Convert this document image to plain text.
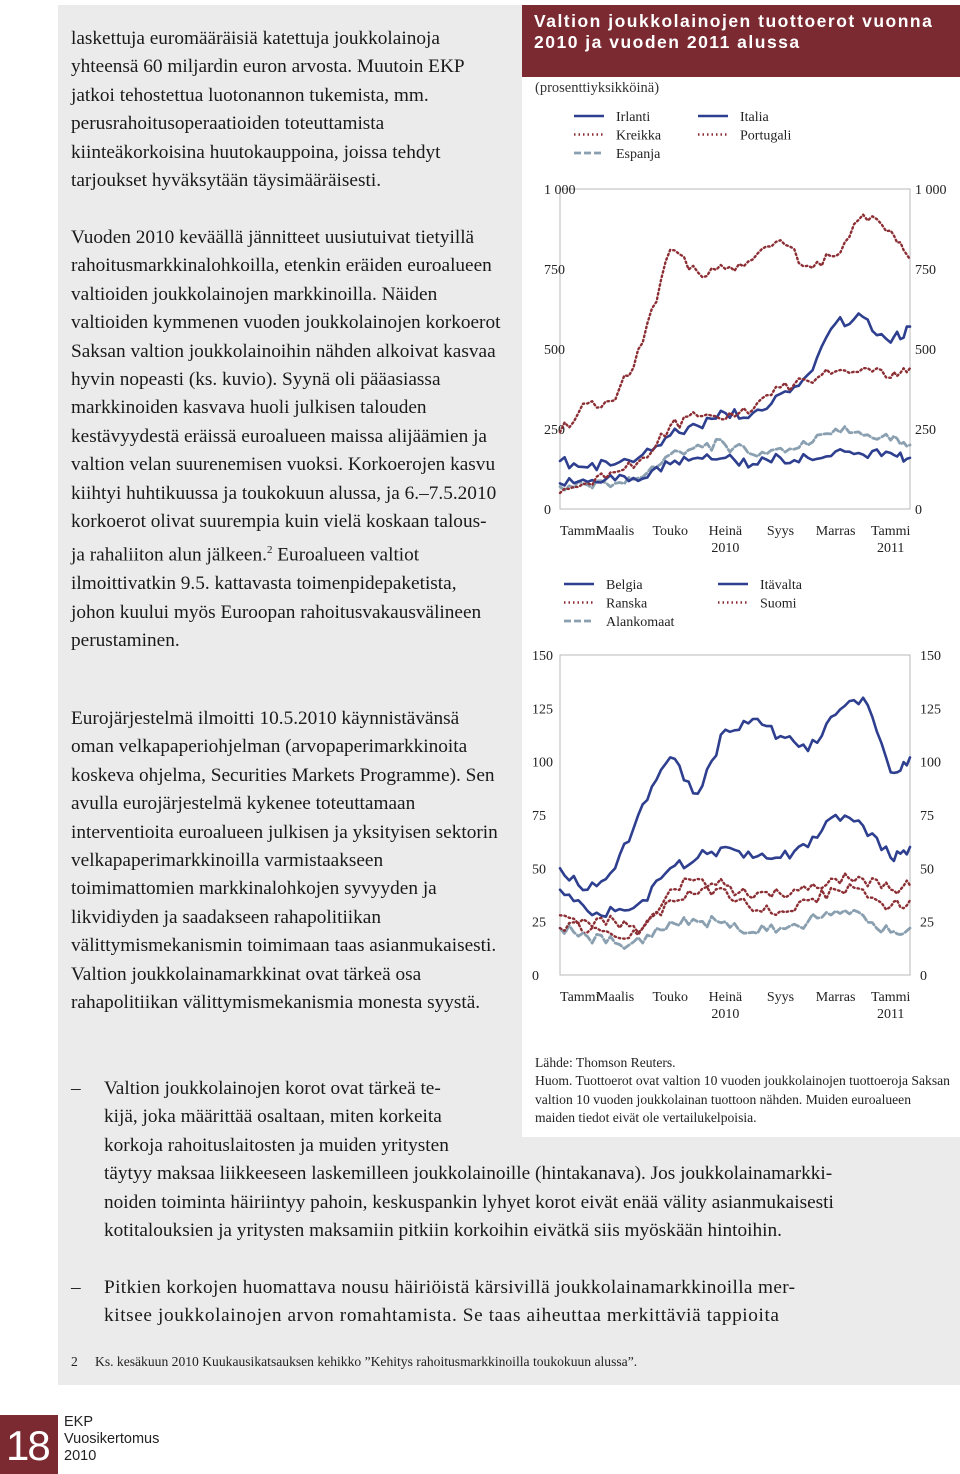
laskettuja euromääräisiä katettuja joukkolainoja yhteensä 60 miljardin euron arvosta. Muutoin EKP jatkoi tehostettua luotonannon tukemista, mm. perusrahoitusoperaatioiden toteuttamista kiinteäkorkoisina huutokauppoina, joissa tehdyt tarjoukset hyväksytään täysimääräisesti.

Vuoden 2010 keväällä jännitteet uusiutuivat tietyillä rahoitusmarkkinalohkoilla, etenkin eräiden euroalueen valtioiden joukkolainojen markkinoilla. Näiden valtioiden kymmenen vuoden joukkolainojen korkoerot Saksan valtion joukkolainoihin nähden alkoivat kasvaa hyvin nopeasti (ks. kuvio). Syynä oli pääasiassa markkinoiden kasvava huoli julkisen talouden kestävyydestä eräissä euroalueen maissa alijäämien ja valtion velan suurenemisen vuoksi. Korkoerojen kasvu kiihtyi huhtikuussa ja toukokuun alussa, ja 6.–7.5.2010 korkoerot olivat suurempia kuin vielä koskaan talous- ja rahaliiton alun jälkeen.$^2$ Euroalueen valtiot ilmoittivatkin 9.5. kattavasta toimenpidepaketista, johon kuului myös Euroopan rahoitusvakausvälineen perustaminen.

Eurojärjestelmä ilmoitti 10.5.2010 käynnistävänsä oman velkapaperiohjelman (arvopaperimarkkinoita koskeva ohjelma, Securities Markets Programme). Sen avulla eurojärjestelmä kykenee toteuttamaan interventioita euroalueen julkisen ja yksityisen sektorin velkapaperimarkkinoilla varmistaakseen toimimattomien markkinalohkojen syvyyden ja likvidiyden ja saadakseen rahapolitiikan välittymismekanismin toimimaan taas asianmukaisesti. Valtion joukkolainamarkkinat ovat tärkeä osa rahapolitiikan välittymismekanismia monesta syystä.

– Valtion joukkolainojen korot ovat tärkeä te-
kijä, joka määrittää osaltaan, miten korkeita
korkoja rahoituslaitosten ja muiden yritysten
täytyy maksaa liikkeeseen laskemilleen joukkolainoille (hintakanava). Jos joukkolainamarkki-
noiden toiminta häiriintyy pahoin, keskuspankin lyhyet korot eivät enää välity asianmukaisesti
kotitalouksien ja yritysten maksamiin pitkiin korkoihin eivätkä siis myöskään hintoihin.
– Pitkien korkojen huomattava nousu häiriöistä kärsivillä joukkolainamarkkinoilla mer-
kitsee joukkolainojen arvon romahtamista. Se taas aiheuttaa merkittäviä tappioita
Valtion joukkolainojen tuottoerot vuonna
2010 ja vuoden 2011 alussa
(prosenttiyksikköinä)
1 000	1 000
750	750
500	500
250	250
0	0
Tammi
Maalis Touko Heinä Syys Marras Tammi
2010	2011
Irlanti
Kreikka
Espanja
Italia
Portugali
150	150
125	125
100	100
75	75
50	50
25	25
0	0
Tammi
Maalis Touko Heinä Syys Marras Tammi
2010	2011
Belgia
Ranska
Alankomaat
Itävalta
Suomi
Lähde: Thomson Reuters.
Huom. Tuottoerot ovat valtion 10 vuoden joukkolainojen tuottoeroja Saksan valtion 10 vuoden joukkolainan tuottoon nähden. Muiden euroalueen maiden tiedot eivät ole vertailukelpoisia.
2 Ks. kesäkuun 2010 Kuukausikatsauksen kehikko ”Kehitys rahoitusmarkkinoilla toukokuun alussa”.
18 EKP
Vuosikertomus
2010
